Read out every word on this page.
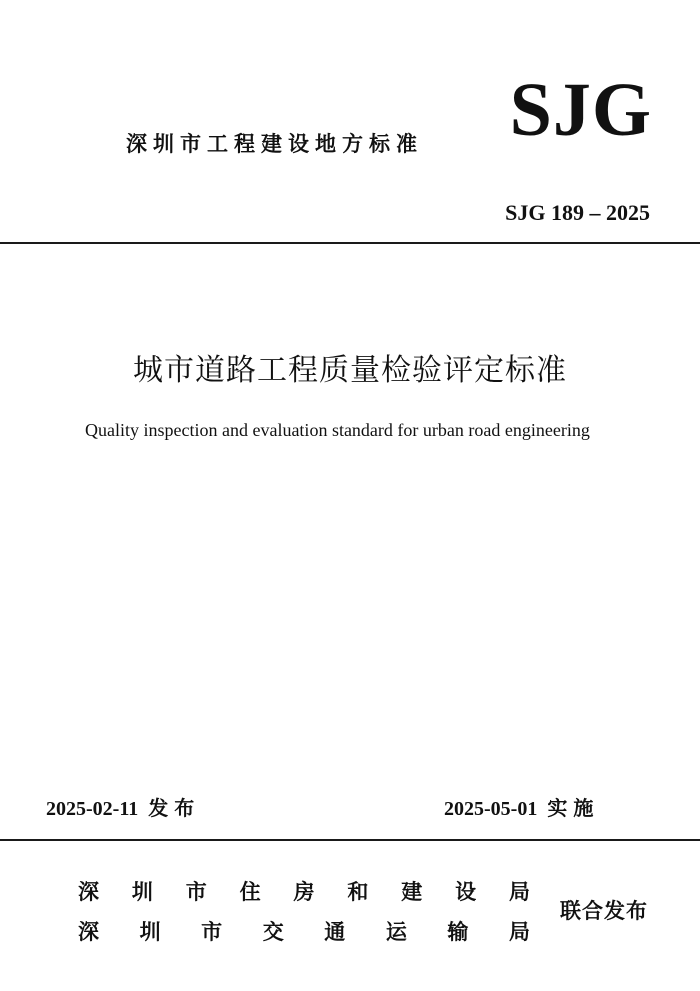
深圳市工程建设地方标准 SJG
SJG 189 – 2025
城市道路工程质量检验评定标准
Quality inspection and evaluation standard for urban road engineering
2025-02-11 发布	2025-05-01 实施
深 圳 市 住 房 和 建 设 局
深 圳 市 交 通 运 输 局
联合发布
